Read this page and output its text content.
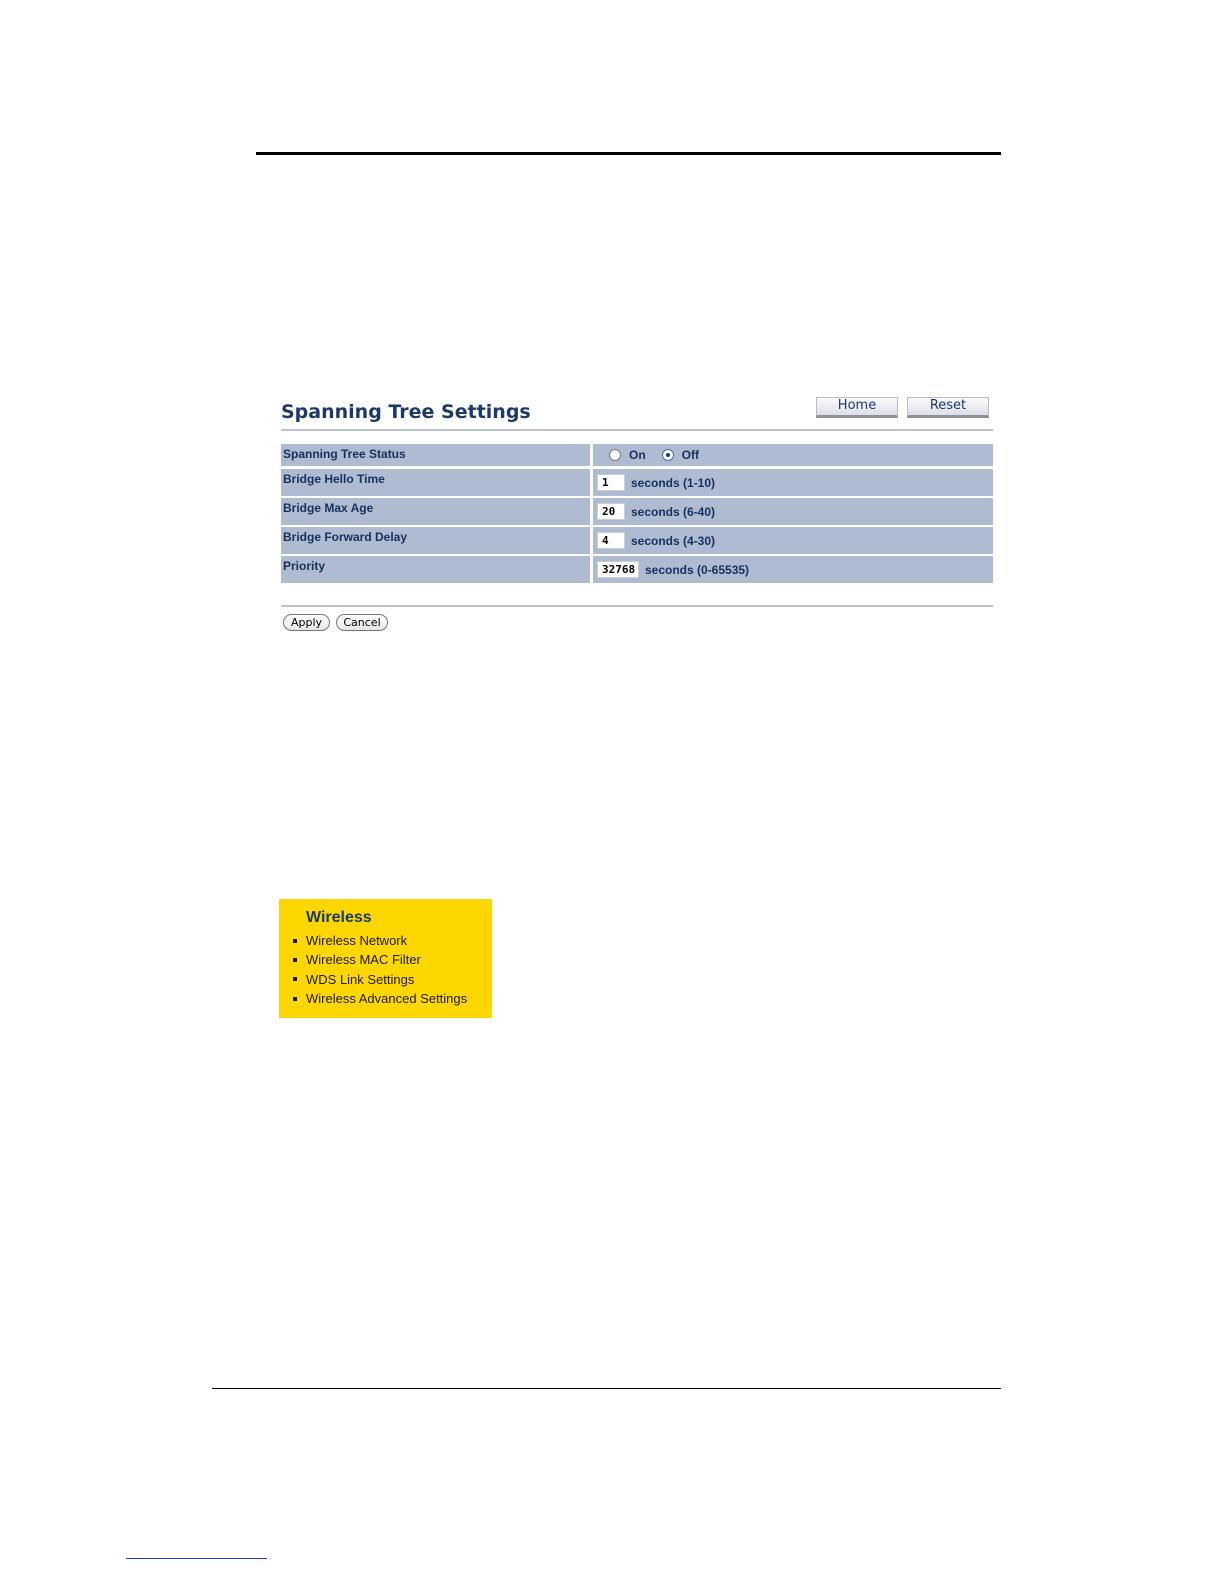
Spanning Tree Settings	Home	Reset
Spanning Tree Status	On	Off
Bridge Hello Time	1	seconds (1-10)
Bridge Max Age	20	seconds (6-40)
Bridge Forward Delay	4	seconds (4-30)
Priority	32768 seconds (0-65535)
Apply	Cancel
Wireless
Wireless Network
Wireless MAC Filter
WDS Link Settings
Wireless Advanced Settings
